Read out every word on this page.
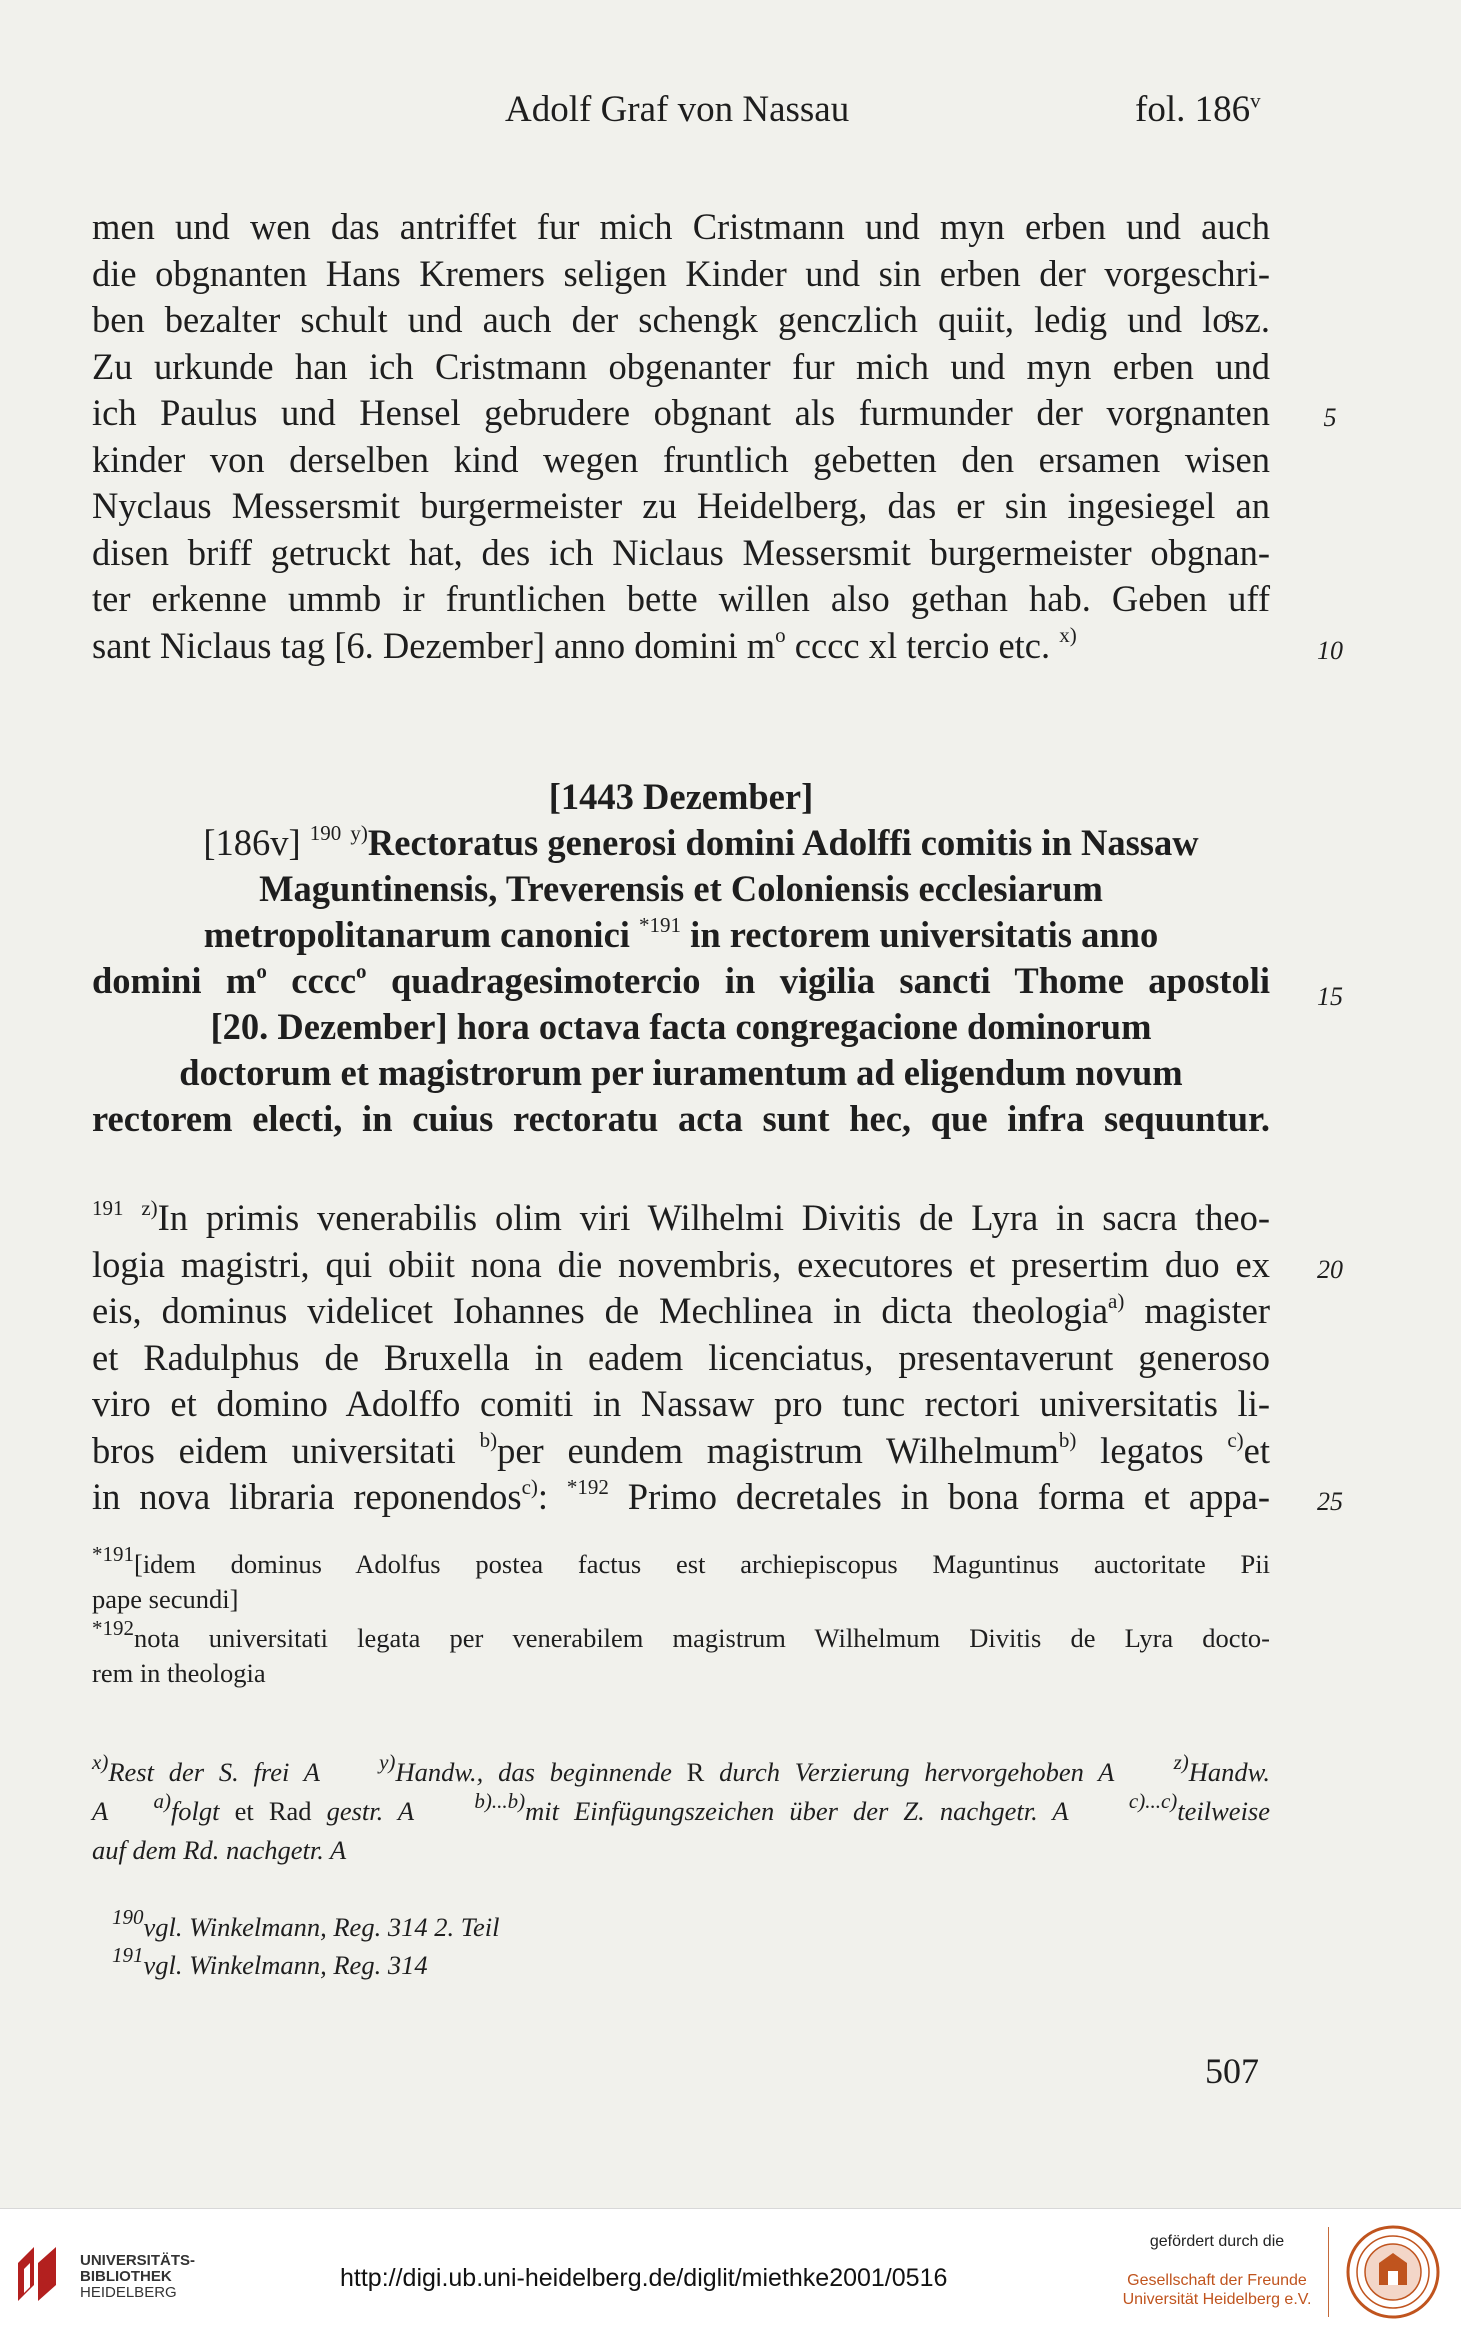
Adolf Graf von Nassau	fol. 186$^v$
men und wen das antriffet fur mich Cristmann und myn erben und auch
die obgnanten Hans Kremers seligen Kinder und sin erben der vorgeschri-
ben bezalter schult und auch der schengk genczlich quiit, ledig und loͦsz.
Zu urkunde han ich Cristmann obgenanter fur mich und myn erben und
ich Paulus und Hensel gebrudere obgnant als furmunder der vorgnanten
kinder von derselben kind wegen fruntlich gebetten den ersamen wisen
Nyclaus Messersmit burgermeister zu Heidelberg, das er sin ingesiegel an
disen briff getruckt hat, des ich Niclaus Messersmit burgermeister obgnan-
ter erkenne ummb ir fruntlichen bette willen also gethan hab. Geben uff
sant Niclaus tag [6. Dezember] anno domini $m^o$ cccc xl tercio etc. $^{x)}$
5
10
[1443 Dezember]
[186v] $^{190}$ $^{y)}$Rectoratus generosi domini Adolffi comitis in Nassaw
Maguntinensis, Treverensis et Coloniensis ecclesiarum
metropolitanarum canonici $^{*191}$ in rectorem universitatis anno
domini $m^o$ cccc$^o$ quadragesimotercio in vigilia sancti Thome apostoli
[20. Dezember] hora octava facta congregacione dominorum
doctorum et magistrorum per iuramentum ad eligendum novum
rectorem electi, in cuius rectoratu acta sunt hec, que infra sequuntur.
15
$^{191}$ $^{z)}$In primis venerabilis olim viri Wilhelmi Divitis de Lyra in sacra theo-
logia magistri, qui obiit nona die novembris, executores et presertim duo ex
eis, dominus videlicet Iohannes de Mechlinea in dicta theologia$^{a)}$ magister
et Radulphus de Bruxella in eadem licenciatus, presentaverunt generoso
viro et domino Adolffo comiti in Nassaw pro tunc rectori universitatis li-
bros eidem universitati $^{b)}$per eundem magistrum Wilhelmum$^{b)}$ legatos $^{c)}$et
in nova libraria reponendos$^{c)}$: $^{*192}$ Primo decretales in bona forma et appa-
20
25
$^{*191}$[idem dominus Adolfus postea factus est archiepiscopus Maguntinus auctoritate Pii
pape secundi]
$^{*192}$nota universitati legata per venerabilem magistrum Wilhelmum Divitis de Lyra docto-
rem in theologia
$^{x)}$Rest der S. frei A	$^{y)}$Handw., das beginnende R durch Verzierung hervorgehoben A	$^{z)}$Handw.
A $^{a)}$folgt et Rad gestr. A	$^{b)...b)}$mit Einfügungszeichen über der Z. nachgetr. A	$^{c)...c)}$teilweise
auf dem Rd. nachgetr. A
$^{190}$vgl. Winkelmann, Reg. 314 2. Teil
$^{191}$vgl. Winkelmann, Reg. 314
507
UNIVERSITÄTS-
BIBLIOTHEK
HEIDELBERG
http://digi.ub.uni-heidelberg.de/diglit/miethke2001/0516
gefördert durch die
Gesellschaft der Freunde
Universität Heidelberg e.V.
